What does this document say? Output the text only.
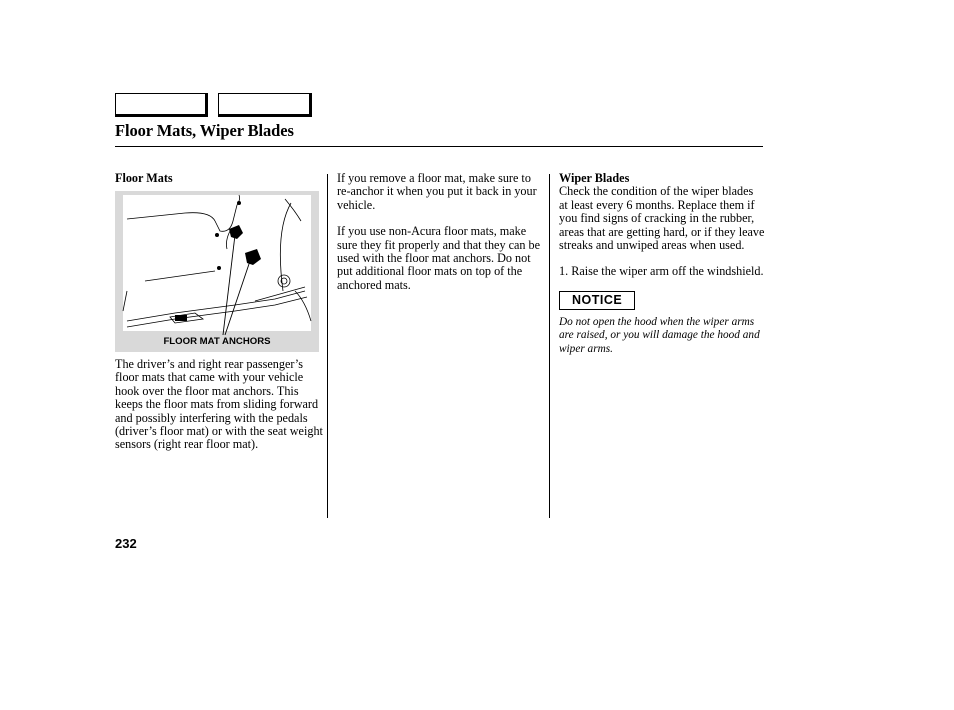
Floor Mats, Wiper Blades

Floor Mats

FLOOR MAT ANCHORS

The driver’s and right rear passenger’s floor mats that came with your vehicle hook over the floor mat anchors. This keeps the floor mats from sliding forward and possibly interfering with the pedals (driver’s floor mat) or with the seat weight sensors (right rear floor mat).

If you remove a floor mat, make sure to re-anchor it when you put it back in your vehicle.

If you use non-Acura floor mats, make sure they fit properly and that they can be used with the floor mat anchors. Do not put additional floor mats on top of the anchored mats.

Wiper Blades

Check the condition of the wiper blades at least every 6 months. Replace them if you find signs of cracking in the rubber, areas that are getting hard, or if they leave streaks and unwiped areas when used.

1. Raise the wiper arm off the windshield.

NOTICE

Do not open the hood when the wiper arms are raised, or you will damage the hood and wiper arms.

232
